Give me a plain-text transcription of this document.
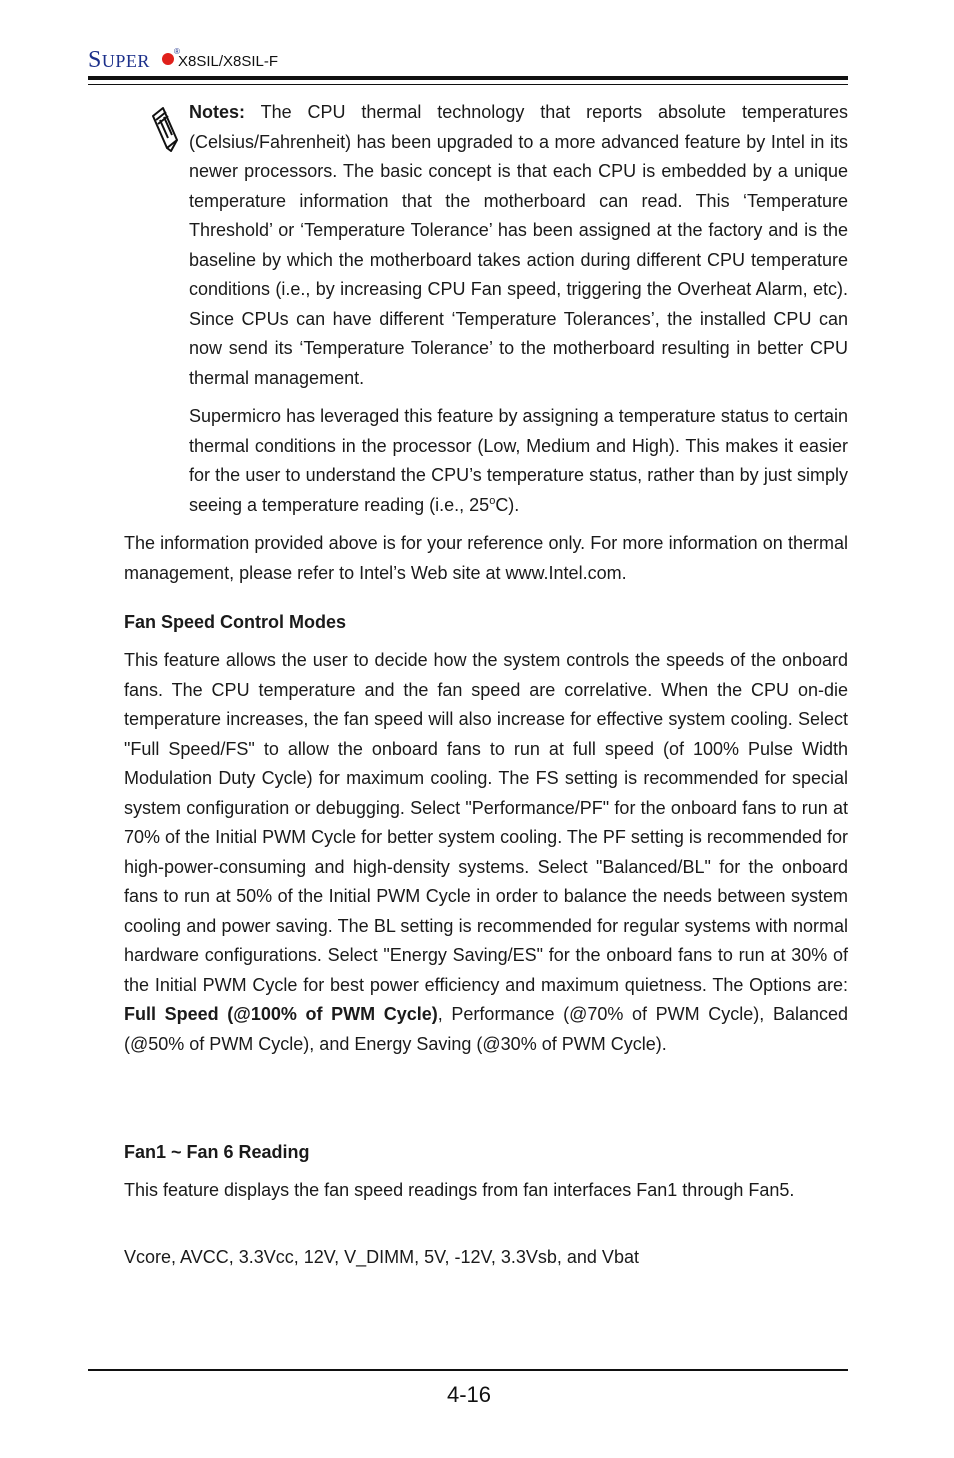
SUPER	®
X8SIL/X8SIL-F
Notes: The CPU thermal technology that reports absolute temperatures (Celsius/Fahrenheit) has been upgraded to a more advanced feature by Intel in its newer processors. The basic concept is that each CPU is embedded by a unique temperature information that the motherboard can read. This ‘Temperature Threshold’ or ‘Temperature Tolerance’ has been assigned at the factory and is the baseline by which the motherboard takes action during different CPU temperature conditions (i.e., by increasing CPU Fan speed, triggering the Overheat Alarm, etc). Since CPUs can have different ‘Temperature Tolerances’, the installed CPU can now send its ‘Temperature Tolerance’ to the motherboard resulting in better CPU thermal management.
Supermicro has leveraged this feature by assigning a temperature status to certain thermal conditions in the processor (Low, Medium and High). This makes it easier for the user to understand the CPU’s temperature status, rather than by just simply seeing a temperature reading (i.e., 25$^o$C).
The information provided above is for your reference only. For more information on thermal management, please refer to Intel’s Web site at www.Intel.com.
Fan Speed Control Modes
This feature allows the user to decide how the system controls the speeds of the onboard fans. The CPU temperature and the fan speed are correlative. When the CPU on-die temperature increases, the fan speed will also increase for effective system cooling. Select "Full Speed/FS" to allow the onboard fans to run at full speed (of 100% Pulse Width Modulation Duty Cycle) for maximum cooling. The FS setting is recommended for special system configuration or debugging. Select "Performance/PF" for the onboard fans to run at 70% of the Initial PWM Cycle for better system cooling. The PF setting is recommended for high-power-consuming and high-density systems. Select "Balanced/BL" for the onboard fans to run at 50% of the Initial PWM Cycle in order to balance the needs between system cooling and power saving. The BL setting is recommended for regular systems with normal hardware configurations. Select "Energy Saving/ES" for the onboard fans to run at 30% of the Initial PWM Cycle for best power efficiency and maximum quietness. The Options are: Full Speed (@100% of PWM Cycle), Performance (@70% of PWM Cycle), Balanced (@50% of PWM Cycle), and Energy Saving (@30% of PWM Cycle).
Fan1 ~ Fan 6 Reading
This feature displays the fan speed readings from fan interfaces Fan1 through Fan5.
Vcore, AVCC, 3.3Vcc, 12V, V_DIMM, 5V, -12V, 3.3Vsb, and Vbat
4-16
